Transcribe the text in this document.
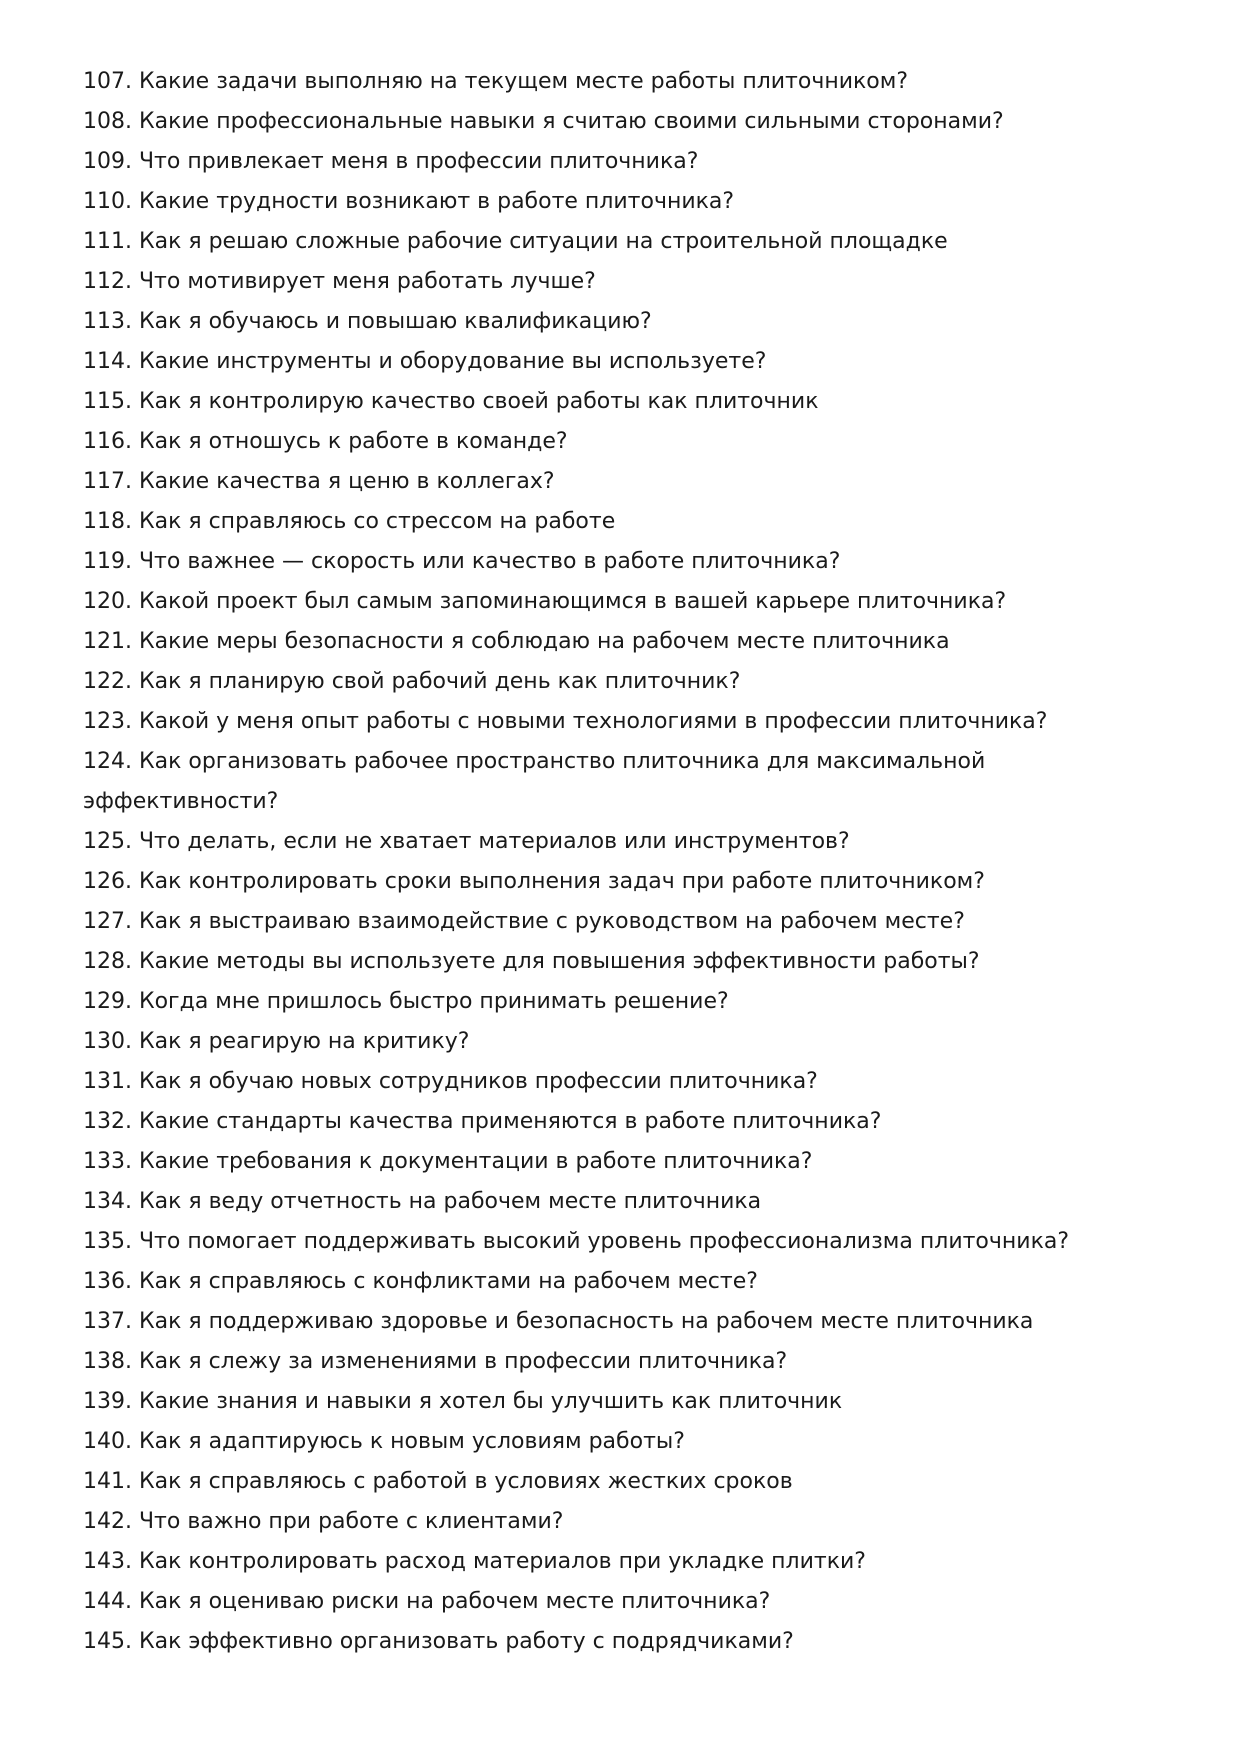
107. Какие задачи выполняю на текущем месте работы плиточником?
108. Какие профессиональные навыки я считаю своими сильными сторонами?
109. Что привлекает меня в профессии плиточника?
110. Какие трудности возникают в работе плиточника?
111. Как я решаю сложные рабочие ситуации на строительной площадке
112. Что мотивирует меня работать лучше?
113. Как я обучаюсь и повышаю квалификацию?
114. Какие инструменты и оборудование вы используете?
115. Как я контролирую качество своей работы как плиточник
116. Как я отношусь к работе в команде?
117. Какие качества я ценю в коллегах?
118. Как я справляюсь со стрессом на работе
119. Что важнее — скорость или качество в работе плиточника?
120. Какой проект был самым запоминающимся в вашей карьере плиточника?
121. Какие меры безопасности я соблюдаю на рабочем месте плиточника
122. Как я планирую свой рабочий день как плиточник?
123. Какой у меня опыт работы с новыми технологиями в профессии плиточника?
124. Как организовать рабочее пространство плиточника для максимальной
эффективности?
125. Что делать, если не хватает материалов или инструментов?
126. Как контролировать сроки выполнения задач при работе плиточником?
127. Как я выстраиваю взаимодействие с руководством на рабочем месте?
128. Какие методы вы используете для повышения эффективности работы?
129. Когда мне пришлось быстро принимать решение?
130. Как я реагирую на критику?
131. Как я обучаю новых сотрудников профессии плиточника?
132. Какие стандарты качества применяются в работе плиточника?
133. Какие требования к документации в работе плиточника?
134. Как я веду отчетность на рабочем месте плиточника
135. Что помогает поддерживать высокий уровень профессионализма плиточника?
136. Как я справляюсь с конфликтами на рабочем месте?
137. Как я поддерживаю здоровье и безопасность на рабочем месте плиточника
138. Как я слежу за изменениями в профессии плиточника?
139. Какие знания и навыки я хотел бы улучшить как плиточник
140. Как я адаптируюсь к новым условиям работы?
141. Как я справляюсь с работой в условиях жестких сроков
142. Что важно при работе с клиентами?
143. Как контролировать расход материалов при укладке плитки?
144. Как я оцениваю риски на рабочем месте плиточника?
145. Как эффективно организовать работу с подрядчиками?
